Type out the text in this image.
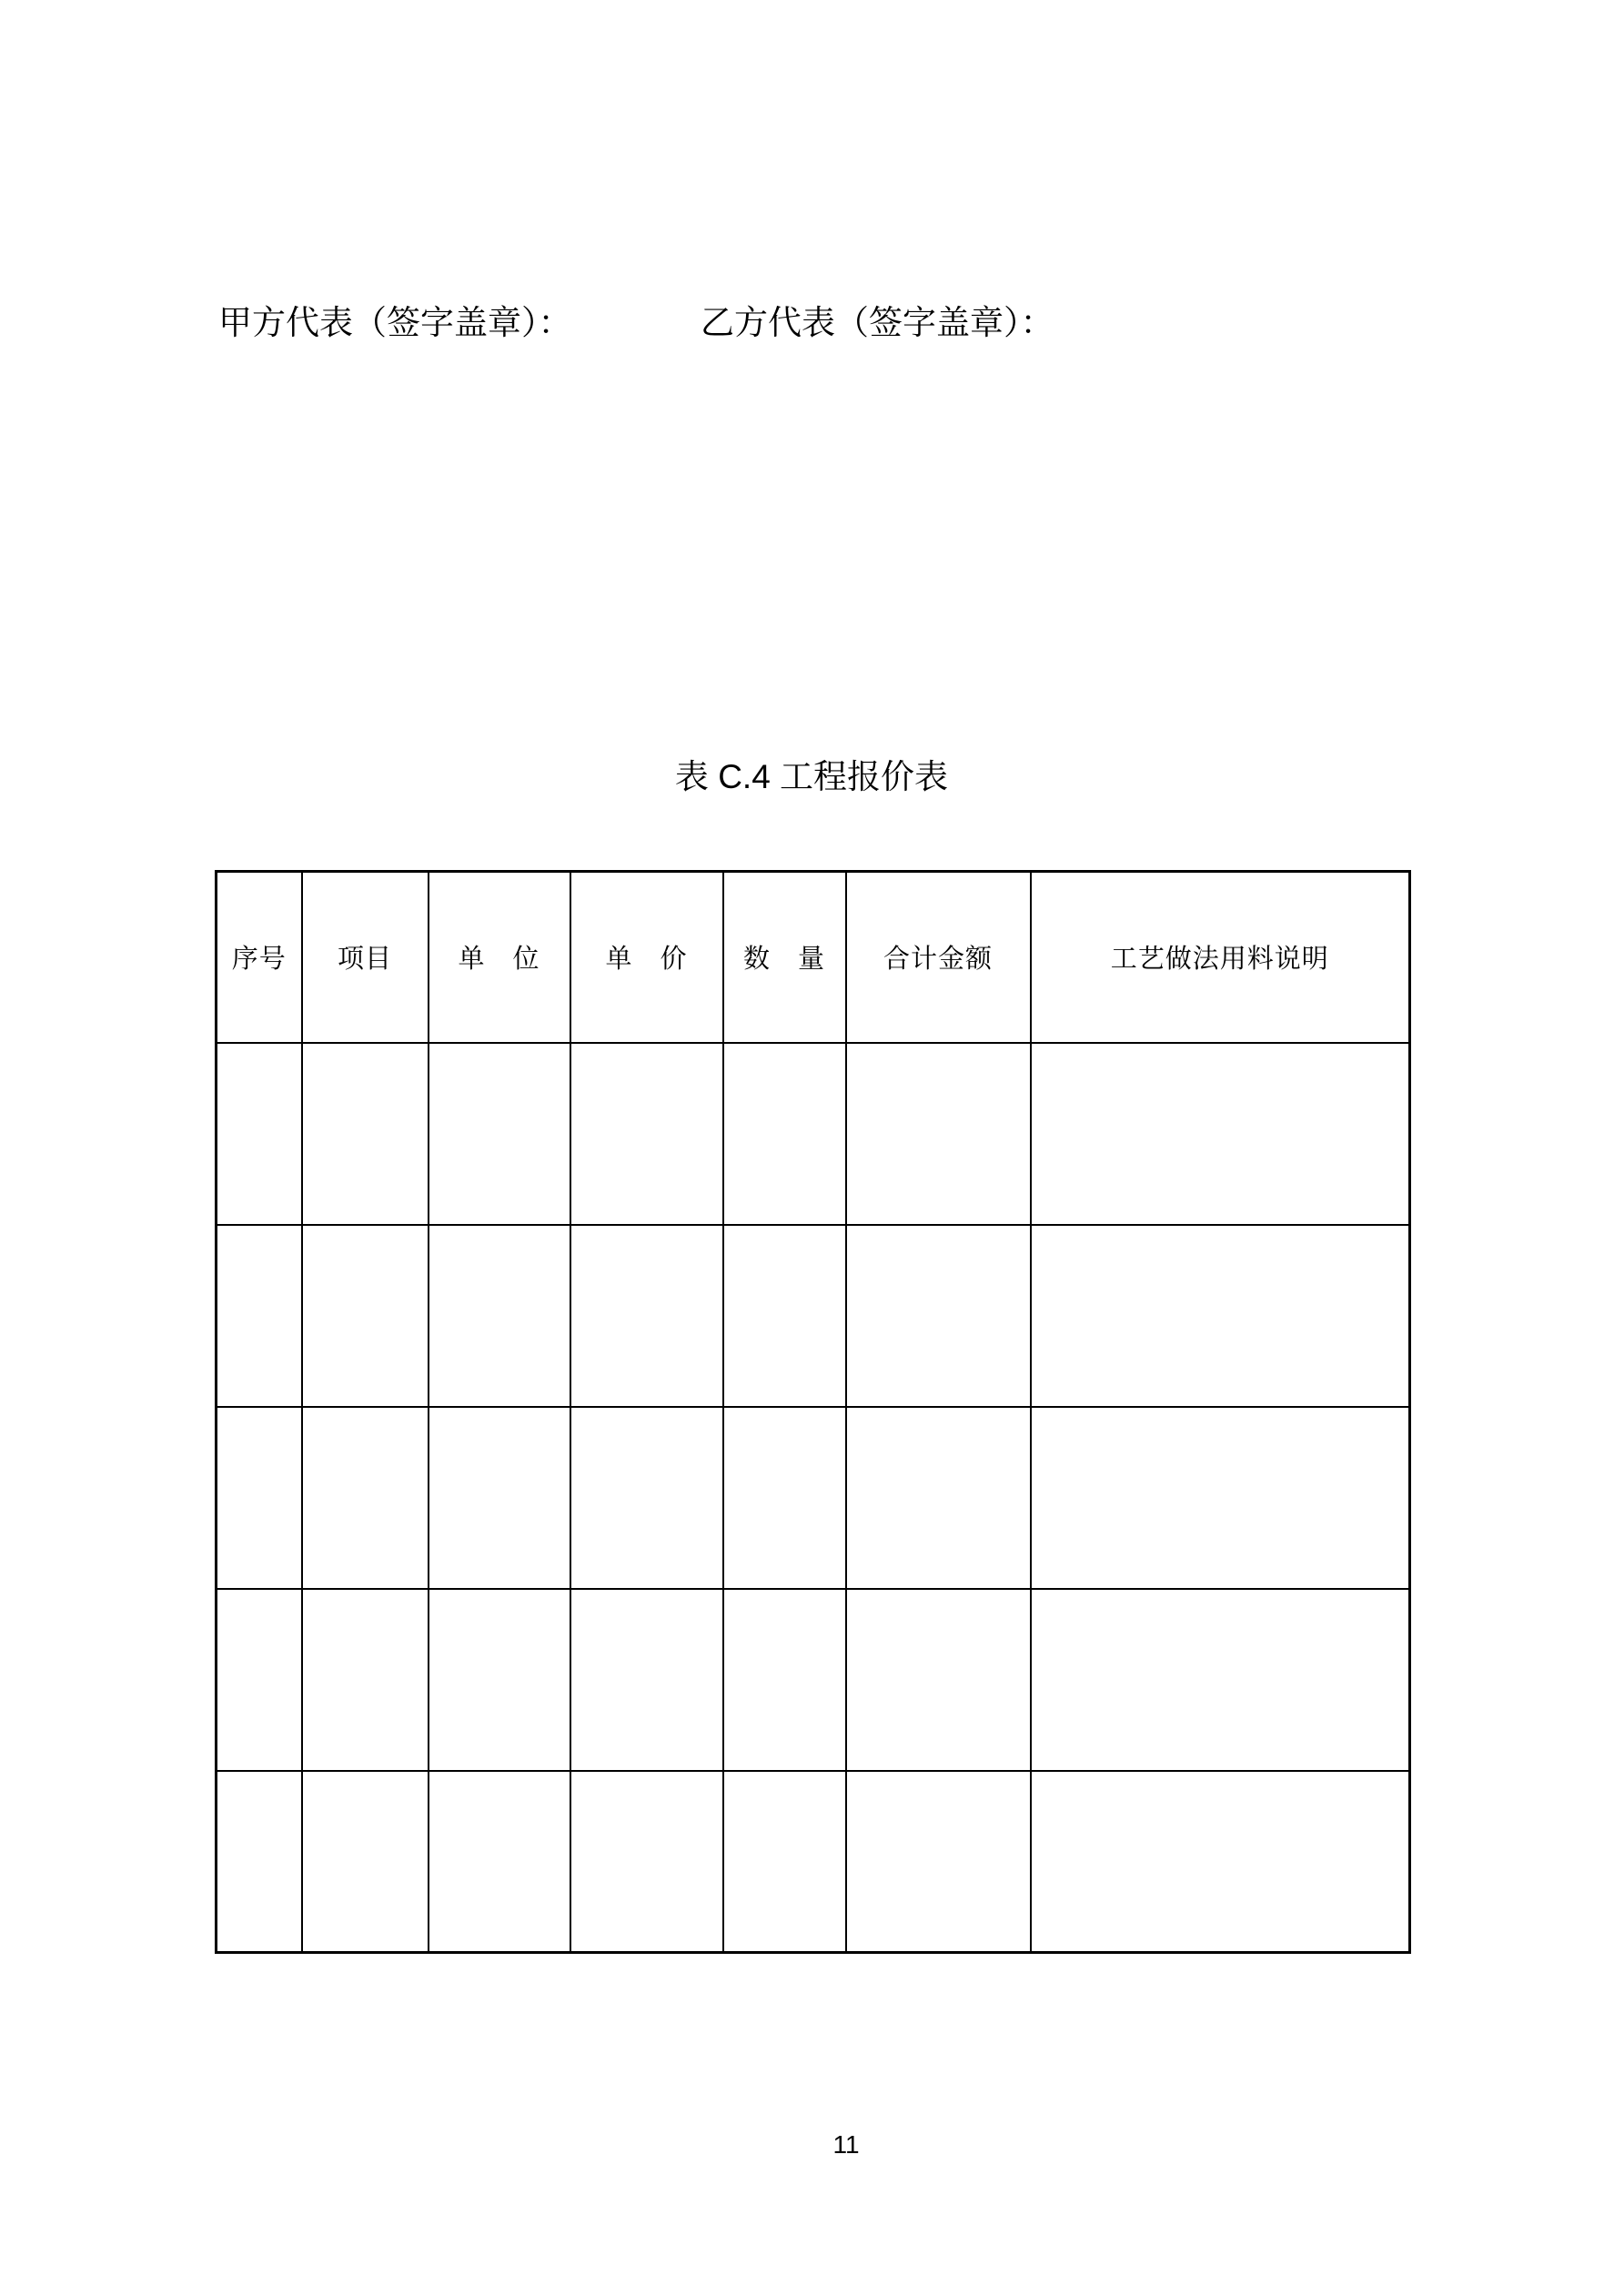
甲方代表（签字盖章）：	乙方代表（签字盖章）：
表 C.4 工程报价表
序号	项目	单　位	单　价	数　量	合计金额	工艺做法用料说明

11
